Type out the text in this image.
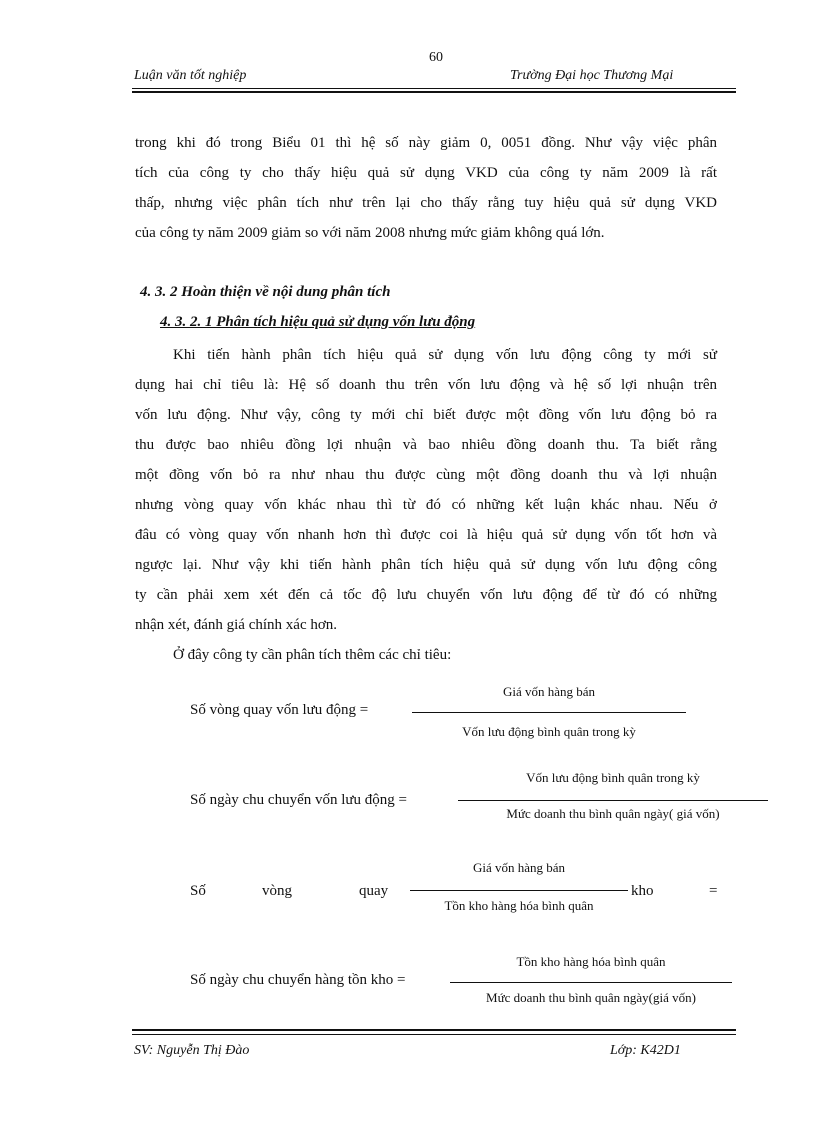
60
Luận văn tốt nghiệp	Trường Đại học Thương Mại
trong khi đó trong Biểu 01 thì hệ số này giảm 0, 0051 đồng. Như vậy việc phân
tích của công ty cho thấy hiệu quả sử dụng VKD của công ty năm 2009 là rất
thấp, nhưng việc phân tích như trên lại cho thấy rằng tuy hiệu quả sử dụng VKD
của công ty năm 2009 giảm so với năm 2008 nhưng mức giảm không quá lớn.
4. 3. 2 Hoàn thiện về nội dung phân tích
4. 3. 2. 1 Phân tích hiệu quả sử dụng vốn lưu động
Khi tiến hành phân tích hiệu quả sử dụng vốn lưu động công ty mới sử
dụng hai chỉ tiêu là: Hệ số doanh thu trên vốn lưu động và hệ số lợi nhuận trên
vốn lưu động. Như vậy, công ty mới chỉ biết được một đồng vốn lưu động bỏ ra
thu được bao nhiêu đồng lợi nhuận và bao nhiêu đồng doanh thu. Ta biết rằng
một đồng vốn bỏ ra như nhau thu được cùng một đồng doanh thu và lợi nhuận
nhưng vòng quay vốn khác nhau thì từ đó có những kết luận khác nhau. Nếu ở
đâu có vòng quay vốn nhanh hơn thì được coi là hiệu quả sử dụng vốn tốt hơn và
ngược lại. Như vậy khi tiến hành phân tích hiệu quả sử dụng vốn lưu động công
ty cần phải xem xét đến cả tốc độ lưu chuyển vốn lưu động để từ đó có những
nhận xét, đánh giá chính xác hơn.
Ở đây công ty cần phân tích thêm các chỉ tiêu:
Số vòng quay vốn lưu động =
Giá vốn hàng bán
Vốn lưu động bình quân trong kỳ
Số ngày chu chuyển vốn lưu động =
Vốn lưu động bình quân trong kỳ
Mức doanh thu bình quân ngày( giá vốn)
Số	vòng	quay
Giá vốn hàng bán
Tồn kho hàng hóa bình quân
kho	=
Số ngày chu chuyển hàng tồn kho =
Tồn kho hàng hóa bình quân
Mức doanh thu bình quân ngày(giá vốn)
SV: Nguyễn Thị Đào	Lớp: K42D1
